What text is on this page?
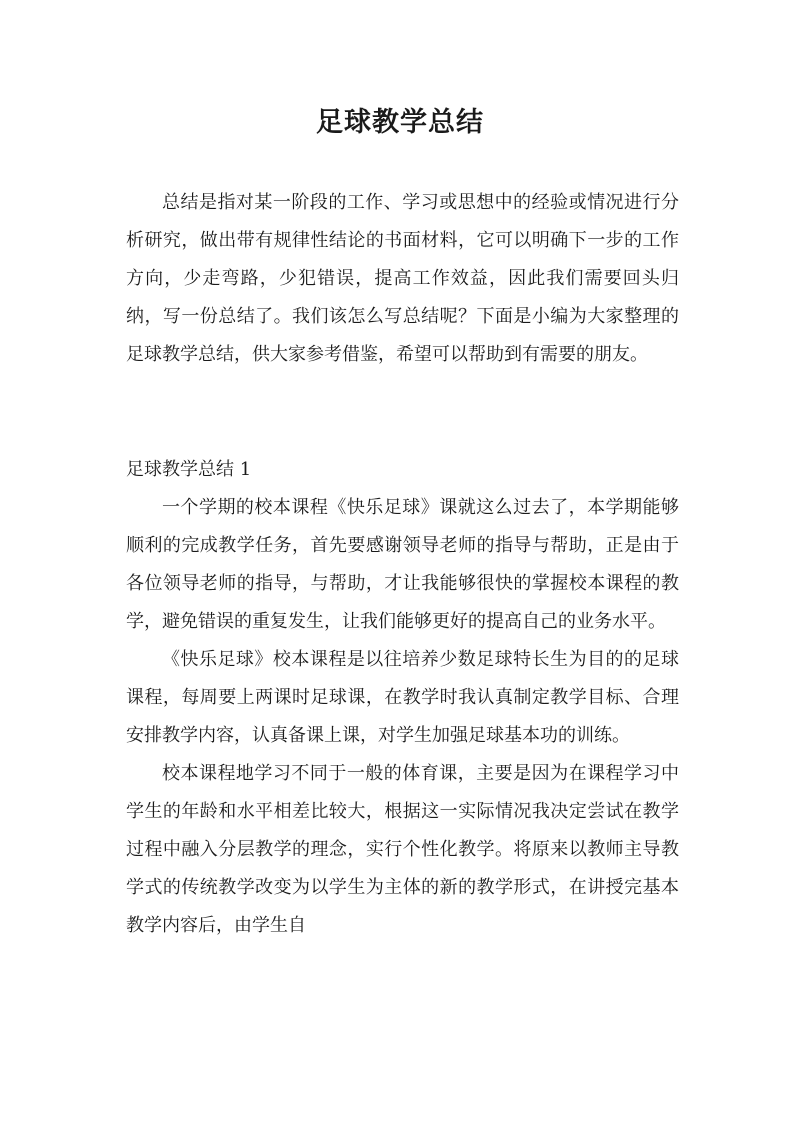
足球教学总结

总结是指对某一阶段的工作、学习或思想中的经验或情况进行分析研究，做出带有规律性结论的书面材料，它可以明确下一步的工作方向，少走弯路，少犯错误，提高工作效益，因此我们需要回头归纳，写一份总结了。我们该怎么写总结呢？下面是小编为大家整理的足球教学总结，供大家参考借鉴，希望可以帮助到有需要的朋友。

足球教学总结 1

一个学期的校本课程《快乐足球》课就这么过去了，本学期能够顺利的完成教学任务，首先要感谢领导老师的指导与帮助，正是由于各位领导老师的指导，与帮助，才让我能够很快的掌握校本课程的教学，避免错误的重复发生，让我们能够更好的提高自己的业务水平。

《快乐足球》校本课程是以往培养少数足球特长生为目的的足球课程，每周要上两课时足球课，在教学时我认真制定教学目标、合理安排教学内容，认真备课上课，对学生加强足球基本功的训练。

校本课程地学习不同于一般的体育课，主要是因为在课程学习中学生的年龄和水平相差比较大，根据这一实际情况我决定尝试在教学过程中融入分层教学的理念，实行个性化教学。将原来以教师主导教学式的传统教学改变为以学生为主体的新的教学形式，在讲授完基本教学内容后，由学生自
